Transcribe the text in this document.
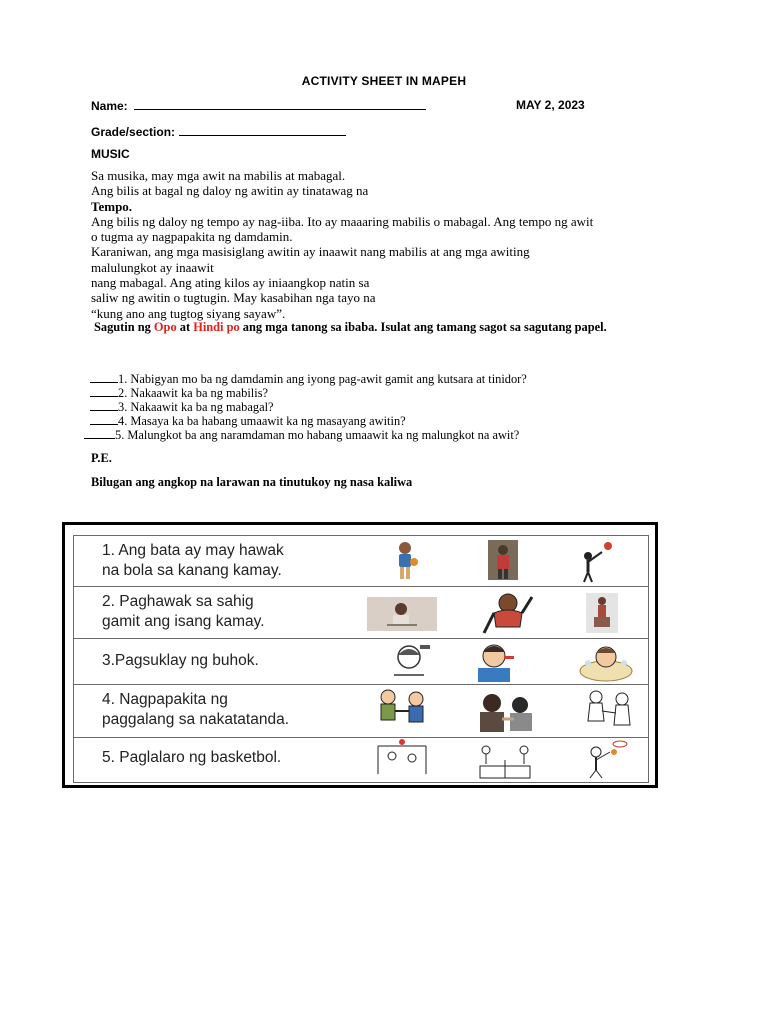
ACTIVITY SHEET IN MAPEH
Name:	MAY 2, 2023
Grade/section:
MUSIC
Sa musika, may mga awit na mabilis at mabagal.
Ang bilis at bagal ng daloy ng awitin ay tinatawag na
Tempo.
Ang bilis ng daloy ng tempo ay nag-iiba. Ito ay maaaring mabilis o mabagal. Ang tempo ng awit
o tugma ay nagpapakita ng damdamin.
Karaniwan, ang mga masisiglang awitin ay inaawit nang mabilis at ang mga awiting
malulungkot ay inaawit
nang mabagal. Ang ating kilos ay iniaangkop natin sa
saliw ng awitin o tugtugin. May kasabihan nga tayo na
“kung ano ang tugtog siyang sayaw”.
Sagutin ng Opo at Hindi po ang mga tanong sa ibaba. Isulat ang tamang sagot sa sagutang papel.
1. Nabigyan mo ba ng damdamin ang iyong pag-awit gamit ang kutsara at tinidor?
2. Nakaawit ka ba ng mabilis?
3. Nakaawit ka ba ng mabagal?
4. Masaya ka ba habang umaawit ka ng masayang awitin?
5. Malungkot ba ang naramdaman mo habang umaawit ka ng malungkot na awit?
P.E.
Bilugan ang angkop na larawan na tinutukoy ng nasa kaliwa
1. Ang bata ay may hawak
na bola sa kanang kamay.
2. Paghawak sa sahig
gamit ang isang kamay.
3.Pagsuklay ng buhok.
4. Nagpapakita ng
paggalang sa nakatatanda.
5. Paglalaro ng basketbol.
